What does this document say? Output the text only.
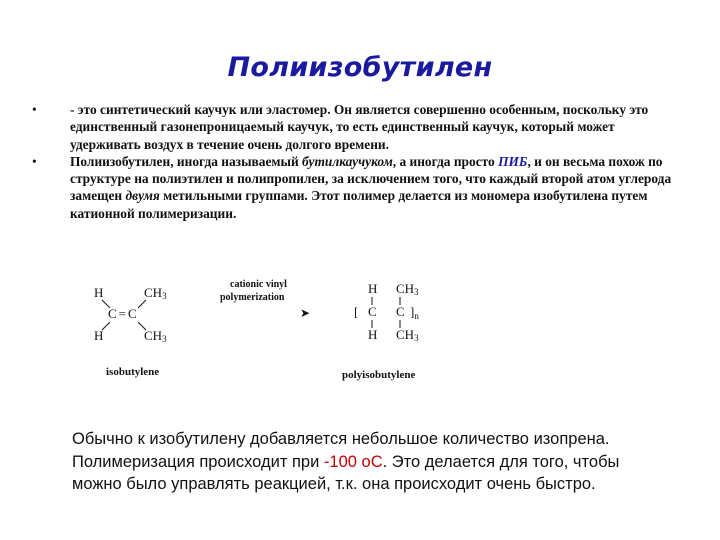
Полиизобутилен
• - это синтетический каучук или эластомер. Он является совершенно особенным, поскольку это единственный газонепроницаемый каучук, то есть единственный каучук, который может удерживать воздух в течение очень долгого времени.
• Полиизобутилен, иногда называемый бутилкаучуком, а иногда просто ПИБ, и он весьма похож по структуре на полиэтилен и полипропилен, за исключением того, что каждый второй атом углерода замещен двумя метильными группами. Этот полимер делается из мономера изобутилена путем катионной полимеризации.
H	CH3
C=C
H	CH3
isobutylene
cationic vinyl
polymerization
➤
H CH3
[ C C ]$_n$
H CH3
polyisobutylene
Обычно к изобутилену добавляется небольшое количество изопрена.
Полимеризация происходит при -100 oC. Это делается для того, чтобы
можно было управлять реакцией, т.к. она происходит очень быстро.
